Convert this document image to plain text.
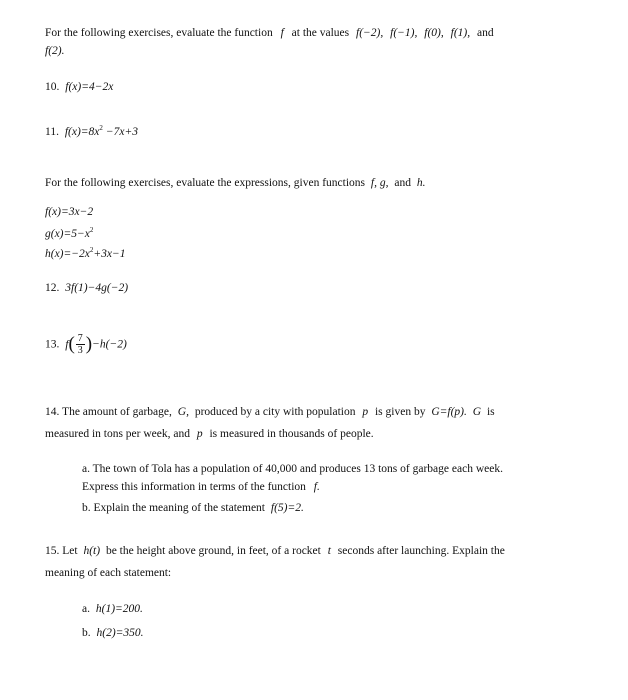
For the following exercises, evaluate the function f at the values f(−2), f(−1), f(0), f(1), and
f(2).
10. f(x)=4−2x
11. $f(x)=8x^2 -7x+3$
For the following exercises, evaluate the expressions, given functions f, g, and h.
f(x)=3x−2
$g(x)=5-x^2$
$h(x)=-2x^2+3x-1$
12. 3f(1)−4g(−2)
13. $f( \frac{7}{3} )-h(-2)$
14. The amount of garbage, G, produced by a city with population p is given by G=f(p). G is
measured in tons per week, and p is measured in thousands of people.
a. The town of Tola has a population of 40,000 and produces 13 tons of garbage each week.
Express this information in terms of the function f.
b. Explain the meaning of the statement f(5)=2.
15. Let h(t) be the height above ground, in feet, of a rocket t seconds after launching. Explain the
meaning of each statement:
a. h(1)=200.
b. h(2)=350.
